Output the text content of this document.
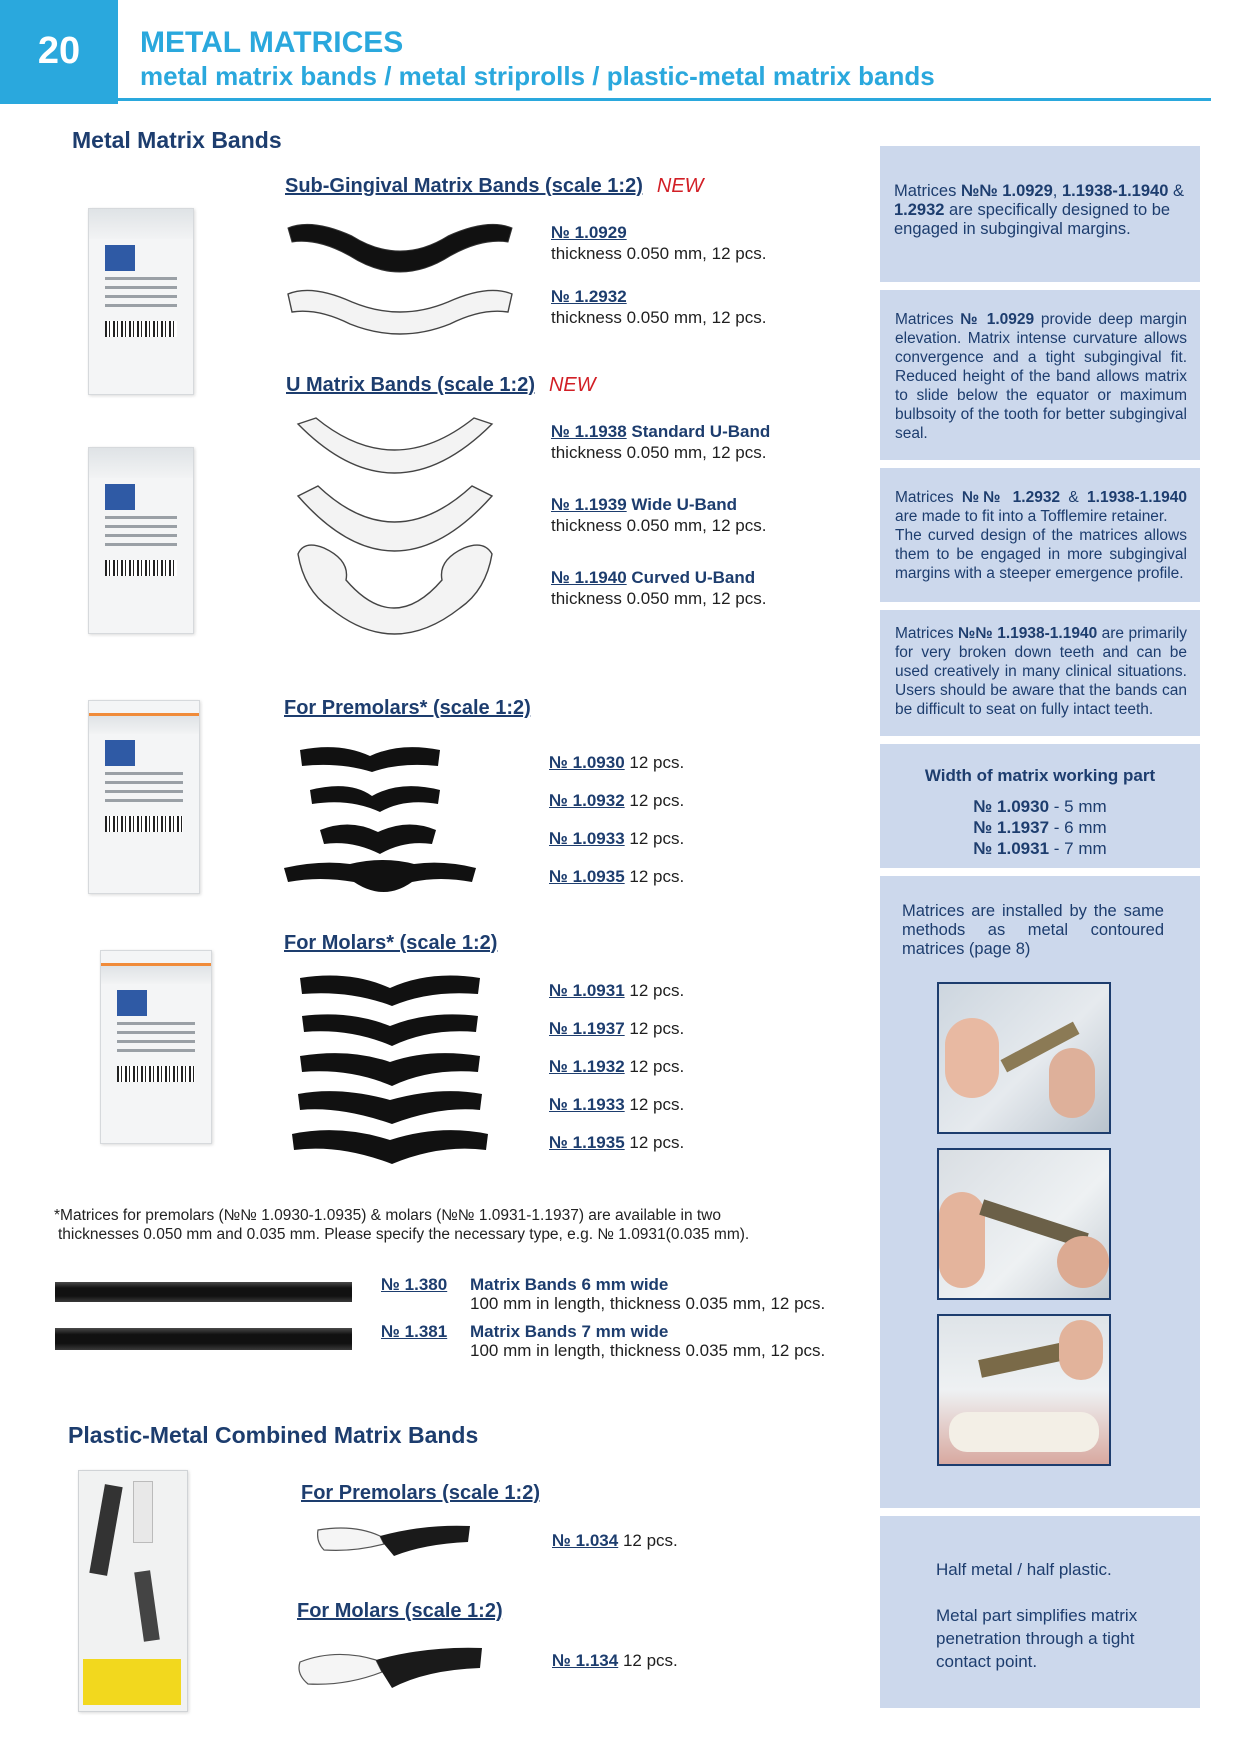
20	METAL MATRICES
metal matrix bands / metal striprolls / plastic-metal matrix bands
Metal Matrix Bands
Sub-Gingival Matrix Bands (scale 1:2) NEW
№ 1.0929
thickness 0.050 mm, 12 pcs.
№ 1.2932
thickness 0.050 mm, 12 pcs.
U Matrix Bands (scale 1:2) NEW
№ 1.1938 Standard U-Band
thickness 0.050 mm, 12 pcs.
№ 1.1939 Wide U-Band
thickness 0.050 mm, 12 pcs.
№ 1.1940 Curved U-Band
thickness 0.050 mm, 12 pcs.
For Premolars* (scale 1:2)
№ 1.0930 12 pcs.
№ 1.0932 12 pcs.
№ 1.0933 12 pcs.
№ 1.0935 12 pcs.
For Molars* (scale 1:2)
№ 1.0931 12 pcs.
№ 1.1937 12 pcs.
№ 1.1932 12 pcs.
№ 1.1933 12 pcs.
№ 1.1935 12 pcs.
*Matrices for premolars (№№ 1.0930-1.0935) & molars (№№ 1.0931-1.1937) are available in two
thicknesses 0.050 mm and 0.035 mm. Please specify the necessary type, e.g. № 1.0931(0.035 mm).
№ 1.380 Matrix Bands 6 mm wide
100 mm in length, thickness 0.035 mm, 12 pcs.
№ 1.381 Matrix Bands 7 mm wide
100 mm in length, thickness 0.035 mm, 12 pcs.
Plastic-Metal Combined Matrix Bands
For Premolars (scale 1:2)
№ 1.034 12 pcs.
For Molars (scale 1:2)
№ 1.134 12 pcs.
Matrices №№ 1.0929, 1.1938-1.1940 & 1.2932 are specifically designed to be engaged in subgingival margins.
Matrices № 1.0929 provide deep margin elevation. Matrix intense curvature allows convergence and a tight subgingival fit. Reduced height of the band allows matrix to slide below the equator or maximum bulbsoity of the tooth for better subgingival seal.
Matrices №№ 1.2932 & 1.1938-1.1940 are made to fit into a Tofflemire retainer.
The curved design of the matrices allows them to be engaged in more subgingival margins with a steeper emergence profile.
Matrices №№ 1.1938-1.1940 are primarily for very broken down teeth and can be used creatively in many clinical situations. Users should be aware that the bands can be difficult to seat on fully intact teeth.
Width of matrix working part
№ 1.0930 - 5 mm
№ 1.1937 - 6 mm
№ 1.0931 - 7 mm
Matrices are installed by the same methods as metal contoured matrices (page 8)
Half metal / half plastic.
Metal part simplifies matrix penetration through a tight contact point.
